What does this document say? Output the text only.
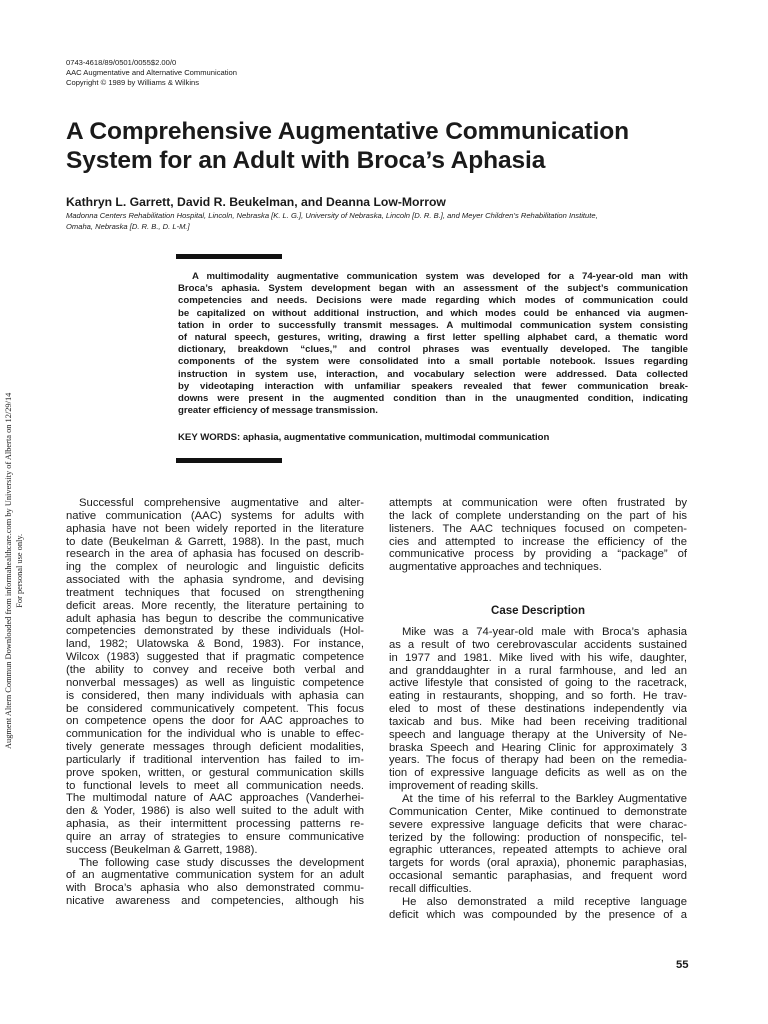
0743-4618/89/0501/0055$2.00/0
AAC Augmentative and Alternative Communication
Copyright © 1989 by Williams & Wilkins
A Comprehensive Augmentative Communication
System for an Adult with Broca’s Aphasia
Kathryn L. Garrett, David R. Beukelman, and Deanna Low-Morrow
Madonna Centers Rehabilitation Hospital, Lincoln, Nebraska [K. L. G.], University of Nebraska, Lincoln [D. R. B.], and Meyer Children’s Rehabilitation Institute,
Omaha, Nebraska [D. R. B., D. L-M.]
A multimodality augmentative communication system was developed for a 74-year-old man with
Broca’s aphasia. System development began with an assessment of the subject’s communication
competencies and needs. Decisions were made regarding which modes of communication could
be capitalized on without additional instruction, and which modes could be enhanced via augmen-
tation in order to successfully transmit messages. A multimodal communication system consisting
of natural speech, gestures, writing, drawing a first letter spelling alphabet card, a thematic word
dictionary, breakdown “clues,” and control phrases was eventually developed. The tangible
components of the system were consolidated into a small portable notebook. Issues regarding
instruction in system use, interaction, and vocabulary selection were addressed. Data collected
by videotaping interaction with unfamiliar speakers revealed that fewer communication break-
downs were present in the augmented condition than in the unaugmented condition, indicating
greater efficiency of message transmission.
KEY WORDS: aphasia, augmentative communication, multimodal communication
Augment Altern Commun Downloaded from informahealthcare.com by University of Alberta on 12/29/14 For personal use only.
Successful comprehensive augmentative and alter-
native communication (AAC) systems for adults with
aphasia have not been widely reported in the literature
to date (Beukelman & Garrett, 1988). In the past, much
research in the area of aphasia has focused on describ-
ing the complex of neurologic and linguistic deficits
associated with the aphasia syndrome, and devising
treatment techniques that focused on strengthening
deficit areas. More recently, the literature pertaining to
adult aphasia has begun to describe the communicative
competencies demonstrated by these individuals (Hol-
land, 1982; Ulatowska & Bond, 1983). For instance,
Wilcox (1983) suggested that if pragmatic competence
(the ability to convey and receive both verbal and
nonverbal messages) as well as linguistic competence
is considered, then many individuals with aphasia can
be considered communicatively competent. This focus
on competence opens the door for AAC approaches to
communication for the individual who is unable to effec-
tively generate messages through deficient modalities,
particularly if traditional intervention has failed to im-
prove spoken, written, or gestural communication skills
to functional levels to meet all communication needs.
The multimodal nature of AAC approaches (Vanderhei-
den & Yoder, 1986) is also well suited to the adult with
aphasia, as their intermittent processing patterns re-
quire an array of strategies to ensure communicative
success (Beukelman & Garrett, 1988).
The following case study discusses the development
of an augmentative communication system for an adult
with Broca’s aphasia who also demonstrated commu-
nicative awareness and competencies, although his
attempts at communication were often frustrated by
the lack of complete understanding on the part of his
listeners. The AAC techniques focused on competen-
cies and attempted to increase the efficiency of the
communicative process by providing a “package” of
augmentative approaches and techniques.
Case Description
Mike was a 74-year-old male with Broca’s aphasia
as a result of two cerebrovascular accidents sustained
in 1977 and 1981. Mike lived with his wife, daughter,
and granddaughter in a rural farmhouse, and led an
active lifestyle that consisted of going to the racetrack,
eating in restaurants, shopping, and so forth. He trav-
eled to most of these destinations independently via
taxicab and bus. Mike had been receiving traditional
speech and language therapy at the University of Ne-
braska Speech and Hearing Clinic for approximately 3
years. The focus of therapy had been on the remedia-
tion of expressive language deficits as well as on the
improvement of reading skills.
At the time of his referral to the Barkley Augmentative
Communication Center, Mike continued to demonstrate
severe expressive language deficits that were charac-
terized by the following: production of nonspecific, tel-
egraphic utterances, repeated attempts to achieve oral
targets for words (oral apraxia), phonemic paraphasias,
occasional semantic paraphasias, and frequent word
recall difficulties.
He also demonstrated a mild receptive language
deficit which was compounded by the presence of a
55
